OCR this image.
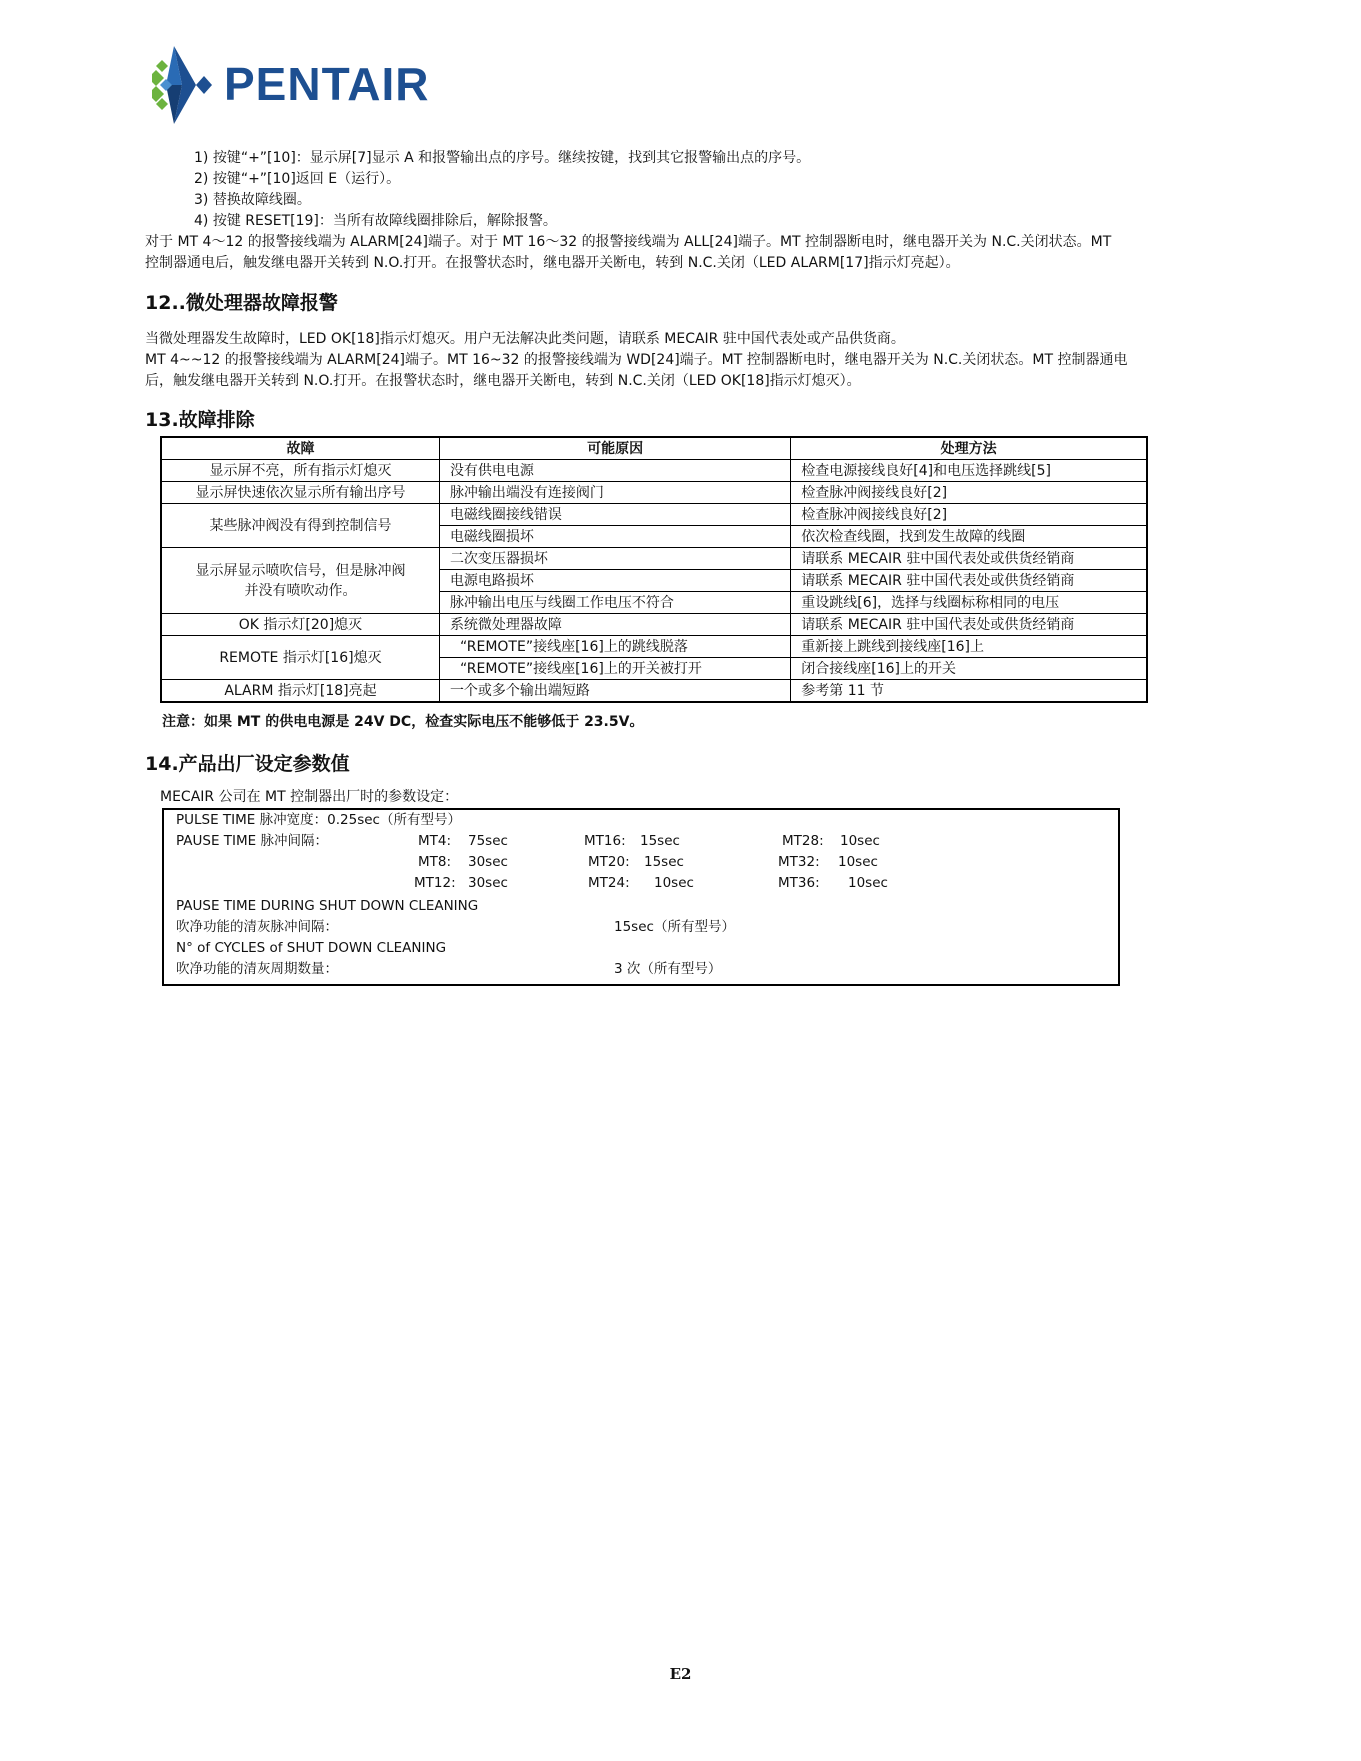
PENTAIR
1) 按键“+”[10]：显示屏[7]显示 A 和报警输出点的序号。继续按键，找到其它报警输出点的序号。
2) 按键“+”[10]返回 E（运行）。
3) 替换故障线圈。
4) 按键 RESET[19]：当所有故障线圈排除后，解除报警。
对于 MT 4～12 的报警接线端为 ALARM[24]端子。对于 MT 16～32 的报警接线端为 ALL[24]端子。MT 控制器断电时，继电器开关为 N.C.关闭状态。MT
控制器通电后，触发继电器开关转到 N.O.打开。在报警状态时，继电器开关断电，转到 N.C.关闭（LED ALARM[17]指示灯亮起）。
12..微处理器故障报警
当微处理器发生故障时，LED OK[18]指示灯熄灭。用户无法解决此类问题，请联系 MECAIR 驻中国代表处或产品供货商。
MT 4~~12 的报警接线端为 ALARM[24]端子。MT 16~32 的报警接线端为 WD[24]端子。MT 控制器断电时，继电器开关为 N.C.关闭状态。MT 控制器通电
后，触发继电器开关转到 N.O.打开。在报警状态时，继电器开关断电，转到 N.C.关闭（LED OK[18]指示灯熄灭）。
13.故障排除
故障	可能原因	处理方法
显示屏不亮，所有指示灯熄灭	没有供电电源	检查电源接线良好[4]和电压选择跳线[5]
显示屏快速依次显示所有输出序号	脉冲输出端没有连接阀门	检查脉冲阀接线良好[2]
某些脉冲阀没有得到控制信号	电磁线圈接线错误	检查脉冲阀接线良好[2]
	电磁线圈损坏	依次检查线圈，找到发生故障的线圈

显示屏显示喷吹信号，但是脉冲阀
并没有喷吹动作。	二次变压器损坏	请联系 MECAIR 驻中国代表处或供货经销商
	电源电路损坏	请联系 MECAIR 驻中国代表处或供货经销商
	脉冲输出电压与线圈工作电压不符合	重设跳线[6]，选择与线圈标称相同的电压
OK 指示灯[20]熄灭	系统微处理器故障	请联系 MECAIR 驻中国代表处或供货经销商
REMOTE 指示灯[16]熄灭	“REMOTE”接线座[16]上的跳线脱落	重新接上跳线到接线座[16]上
	“REMOTE”接线座[16]上的开关被打开	闭合接线座[16]上的开关
ALARM 指示灯[18]亮起	一个或多个输出端短路	参考第 11 节
注意：如果 MT 的供电电源是 24V DC，检查实际电压不能够低于 23.5V。
14.产品出厂设定参数值
MECAIR 公司在 MT 控制器出厂时的参数设定：
PULSE TIME 脉冲宽度：0.25sec（所有型号）
PAUSE TIME 脉冲间隔：	MT4: 75sec	MT16: 15sec	MT28: 10sec
MT8: 30sec	MT20: 15sec	MT32: 10sec
MT12: 30sec	MT24: 10sec	MT36: 10sec
PAUSE TIME DURING SHUT DOWN CLEANING
吹净功能的清灰脉冲间隔：	15sec（所有型号）
N° of CYCLES of SHUT DOWN CLEANING
吹净功能的清灰周期数量：	3 次（所有型号）
E2
